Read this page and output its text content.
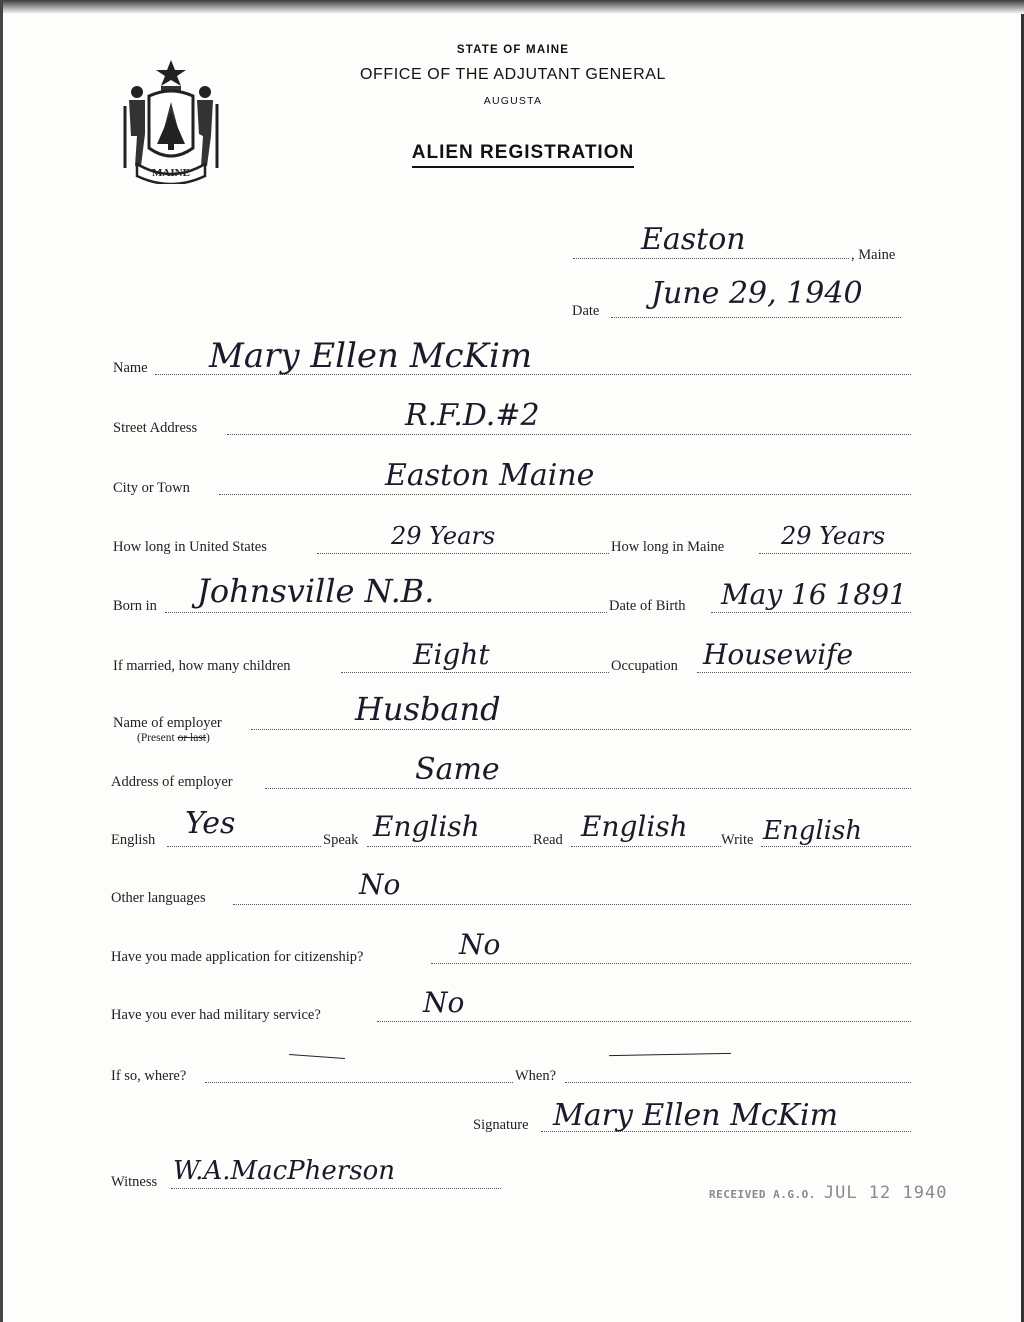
MAINE
STATE OF MAINE
OFFICE OF THE ADJUTANT GENERAL
AUGUSTA
ALIEN REGISTRATION
Easton	, Maine
Date June 29, 1940
Name Mary Ellen McKim
Street Address	R.F.D.#2
City or Town	Easton Maine
How long in United States	29 Years	How long in Maine 29 Years
Born in Johnsville N.B.	Date of Birth May 16 1891
If married, how many children	Eight	Occupation Housewife
Name of employer
(Present or last)
Husband
Address of employer	Same
English Yes	Speak English	Read English Write English
Other languages	No
Have you made application for citizenship?	No
Have you ever had military service?	No
If so, where?	When?
Signature Mary Ellen McKim
Witness W.A.MacPherson
RECEIVED A.G.O. JUL 12 1940
